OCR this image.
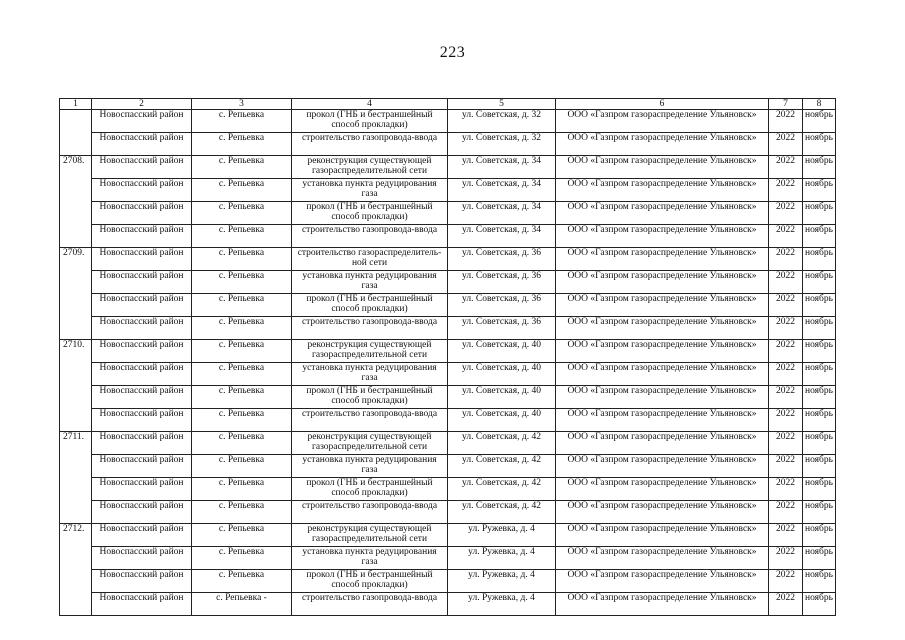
223
1	2	3	4	5	6	7	8
	Новоспасский район	с. Репьевка	прокол (ГНБ и бестраншейный способ прокладки)	ул. Советская, д. 32	ООО «Газпром газораспределение Ульяновск»	2022	ноябрь
	Новоспасский район	с. Репьевка	строительство газопровода-ввода	ул. Советская, д. 32	ООО «Газпром газораспределение Ульяновск»	2022	ноябрь
2708.	Новоспасский район	с. Репьевка	реконструкция существующей газораспределительной сети	ул. Советская, д. 34	ООО «Газпром газораспределение Ульяновск»	2022	ноябрь
	Новоспасский район	с. Репьевка	установка пункта редуцирования газа	ул. Советская, д. 34	ООО «Газпром газораспределение Ульяновск»	2022	ноябрь
	Новоспасский район	с. Репьевка	прокол (ГНБ и бестраншейный способ прокладки)	ул. Советская, д. 34	ООО «Газпром газораспределение Ульяновск»	2022	ноябрь
	Новоспасский район	с. Репьевка	строительство газопровода-ввода	ул. Советская, д. 34	ООО «Газпром газораспределение Ульяновск»	2022	ноябрь
2709.	Новоспасский район	с. Репьевка	строительство газораспределитель-ной сети	ул. Советская, д. 36	ООО «Газпром газораспределение Ульяновск»	2022	ноябрь
	Новоспасский район	с. Репьевка	установка пункта редуцирования газа	ул. Советская, д. 36	ООО «Газпром газораспределение Ульяновск»	2022	ноябрь
	Новоспасский район	с. Репьевка	прокол (ГНБ и бестраншейный способ прокладки)	ул. Советская, д. 36	ООО «Газпром газораспределение Ульяновск»	2022	ноябрь
	Новоспасский район	с. Репьевка	строительство газопровода-ввода	ул. Советская, д. 36	ООО «Газпром газораспределение Ульяновск»	2022	ноябрь
2710.	Новоспасский район	с. Репьевка	реконструкция существующей газораспределительной сети	ул. Советская, д. 40	ООО «Газпром газораспределение Ульяновск»	2022	ноябрь
	Новоспасский район	с. Репьевка	установка пункта редуцирования газа	ул. Советская, д. 40	ООО «Газпром газораспределение Ульяновск»	2022	ноябрь
	Новоспасский район	с. Репьевка	прокол (ГНБ и бестраншейный способ прокладки)	ул. Советская, д. 40	ООО «Газпром газораспределение Ульяновск»	2022	ноябрь
	Новоспасский район	с. Репьевка	строительство газопровода-ввода	ул. Советская, д. 40	ООО «Газпром газораспределение Ульяновск»	2022	ноябрь
2711.	Новоспасский район	с. Репьевка	реконструкция существующей газораспределительной сети	ул. Советская, д. 42	ООО «Газпром газораспределение Ульяновск»	2022	ноябрь
	Новоспасский район	с. Репьевка	установка пункта редуцирования газа	ул. Советская, д. 42	ООО «Газпром газораспределение Ульяновск»	2022	ноябрь
	Новоспасский район	с. Репьевка	прокол (ГНБ и бестраншейный способ прокладки)	ул. Советская, д. 42	ООО «Газпром газораспределение Ульяновск»	2022	ноябрь
	Новоспасский район	с. Репьевка	строительство газопровода-ввода	ул. Советская, д. 42	ООО «Газпром газораспределение Ульяновск»	2022	ноябрь
2712.	Новоспасский район	с. Репьевка	реконструкция существующей газораспределительной сети	ул. Ружевка, д. 4	ООО «Газпром газораспределение Ульяновск»	2022	ноябрь
	Новоспасский район	с. Репьевка	установка пункта редуцирования газа	ул. Ружевка, д. 4	ООО «Газпром газораспределение Ульяновск»	2022	ноябрь
	Новоспасский район	с. Репьевка	прокол (ГНБ и бестраншейный способ прокладки)	ул. Ружевка, д. 4	ООО «Газпром газораспределение Ульяновск»	2022	ноябрь
	Новоспасский район	с. Репьевка -	строительство газопровода-ввода	ул. Ружевка, д. 4	ООО «Газпром газораспределение Ульяновск»	2022	ноябрь
